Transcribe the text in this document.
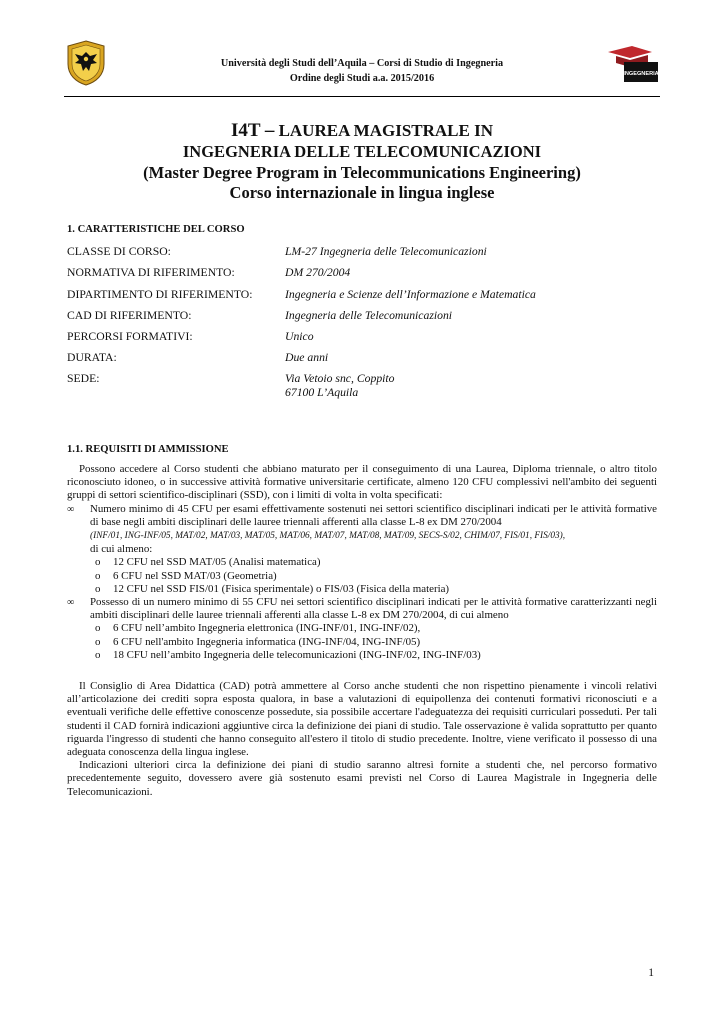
Università degli Studi dell’Aquila – Corsi di Studio di Ingegneria
Ordine degli Studi a.a. 2015/2016	INGEGNERIA
I4T – LAUREA MAGISTRALE IN
INGEGNERIA DELLE TELECOMUNICAZIONI
(Master Degree Program in Telecommunications Engineering)
Corso internazionale in lingua inglese
1. CARATTERISTICHE DEL CORSO
CLASSE DI CORSO:	LM-27 Ingegneria delle Telecomunicazioni
NORMATIVA DI RIFERIMENTO:	DM 270/2004
DIPARTIMENTO DI RIFERIMENTO:	Ingegneria e Scienze dell’Informazione e Matematica
CAD DI RIFERIMENTO:	Ingegneria delle Telecomunicazioni
PERCORSI FORMATIVI:	Unico
DURATA:	Due anni
SEDE:	Via Vetoio snc, Coppito
67100 L’Aquila
1.1. REQUISITI DI AMMISSIONE

Possono accedere al Corso studenti che abbiano maturato per il conseguimento di una Laurea, Diploma triennale, o altro titolo riconosciuto idoneo, o in successive attività formative universitarie certificate, almeno 120 CFU complessivi nell'ambito dei seguenti gruppi di settori scientifico-disciplinari (SSD), con i limiti di volta in volta specificati:

∞ Numero minimo di 45 CFU per esami effettivamente sostenuti nei settori scientifico disciplinari indicati per le attività formative di base negli ambiti disciplinari delle lauree triennali afferenti alla classe L-8 ex DM 270/2004
(INF/01, ING-INF/05, MAT/02, MAT/03, MAT/05, MAT/06, MAT/07, MAT/08, MAT/09, SECS-S/02, CHIM/07, FIS/01, FIS/03),
di cui almeno:
o 12 CFU nel SSD MAT/05 (Analisi matematica)
o 6 CFU nel SSD MAT/03 (Geometria)
o 12 CFU nel SSD FIS/01 (Fisica sperimentale) o FIS/03 (Fisica della materia)
∞ Possesso di un numero minimo di 55 CFU nei settori scientifico disciplinari indicati per le attività formative caratterizzanti negli ambiti disciplinari delle lauree triennali afferenti alla classe L-8 ex DM 270/2004, di cui almeno
o 6 CFU nell’ambito Ingegneria elettronica (ING-INF/01, ING-INF/02),
o 6 CFU nell'ambito Ingegneria informatica (ING-INF/04, ING-INF/05)
o 18 CFU nell’ambito Ingegneria delle telecomunicazioni (ING-INF/02, ING-INF/03)

Il Consiglio di Area Didattica (CAD) potrà ammettere al Corso anche studenti che non rispettino pienamente i vincoli relativi all’articolazione dei crediti sopra esposta qualora, in base a valutazioni di equipollenza dei contenuti formativi riconosciuti e a eventuali verifiche delle effettive conoscenze possedute, sia possibile accertare l'adeguatezza dei requisiti curriculari posseduti. Per tali studenti il CAD fornirà indicazioni aggiuntive circa la definizione dei piani di studio. Tale osservazione è valida soprattutto per quanto riguarda l'ingresso di studenti che hanno conseguito all'estero il titolo di studio precedente. Inoltre, viene verificato il possesso di una adeguata conoscenza della lingua inglese.

Indicazioni ulteriori circa la definizione dei piani di studio saranno altresì fornite a studenti che, nel percorso formativo precedentemente seguito, dovessero avere già sostenuto esami previsti nel Corso di Laurea Magistrale in Ingegneria delle Telecomunicazioni.

1
